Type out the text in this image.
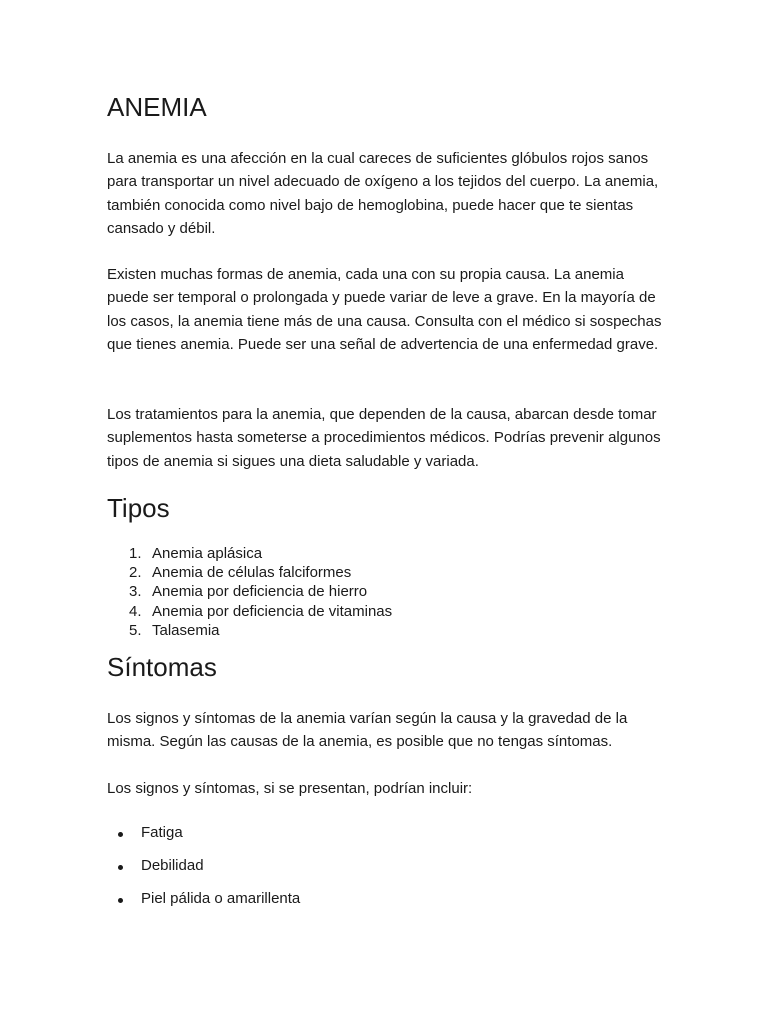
ANEMIA

La anemia es una afección en la cual careces de suficientes glóbulos rojos sanos para transportar un nivel adecuado de oxígeno a los tejidos del cuerpo. La anemia, también conocida como nivel bajo de hemoglobina, puede hacer que te sientas cansado y débil.

Existen muchas formas de anemia, cada una con su propia causa. La anemia puede ser temporal o prolongada y puede variar de leve a grave. En la mayoría de los casos, la anemia tiene más de una causa. Consulta con el médico si sospechas que tienes anemia. Puede ser una señal de advertencia de una enfermedad grave.

Los tratamientos para la anemia, que dependen de la causa, abarcan desde tomar suplementos hasta someterse a procedimientos médicos. Podrías prevenir algunos tipos de anemia si sigues una dieta saludable y variada.

Tipos
Anemia aplásica
Anemia de células falciformes
Anemia por deficiencia de hierro
Anemia por deficiencia de vitaminas
Talasemia
Síntomas

Los signos y síntomas de la anemia varían según la causa y la gravedad de la misma. Según las causas de la anemia, es posible que no tengas síntomas.

Los signos y síntomas, si se presentan, podrían incluir:

Fatiga
Debilidad
Piel pálida o amarillenta
